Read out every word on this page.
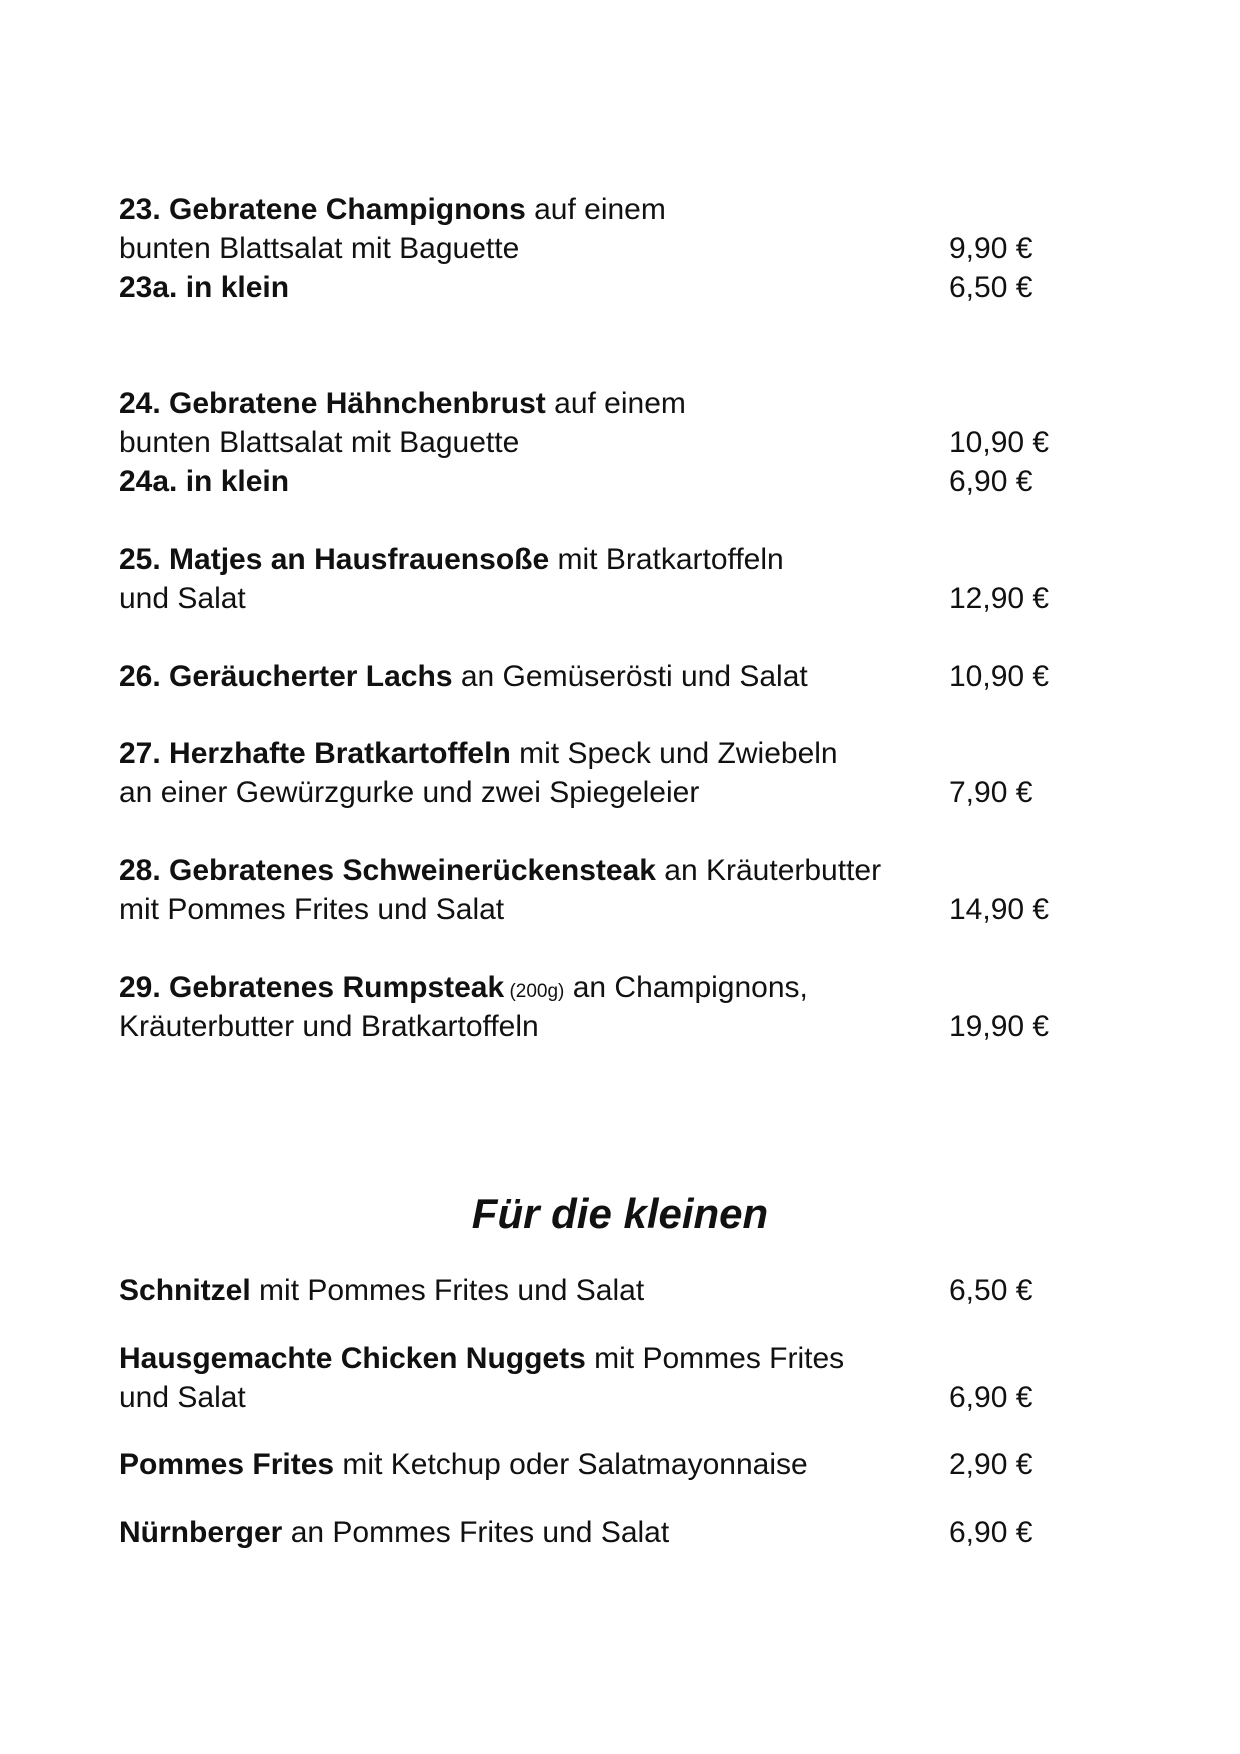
23. Gebratene Champignons auf einem
bunten Blattsalat mit Baguette	9,90 €
23a. in klein	6,50 €
24. Gebratene Hähnchenbrust auf einem
bunten Blattsalat mit Baguette	10,90 €
24a. in klein	6,90 €
25. Matjes an Hausfrauensoße mit Bratkartoffeln
und Salat	12,90 €
26. Geräucherter Lachs an Gemüserösti und Salat	10,90 €
27. Herzhafte Bratkartoffeln mit Speck und Zwiebeln
an einer Gewürzgurke und zwei Spiegeleier	7,90 €
28. Gebratenes Schweinerückensteak an Kräuterbutter
mit Pommes Frites und Salat	14,90 €
29. Gebratenes Rumpsteak (200g) an Champignons,
Kräuterbutter und Bratkartoffeln	19,90 €
Für die kleinen
Schnitzel mit Pommes Frites und Salat	6,50 €
Hausgemachte Chicken Nuggets mit Pommes Frites
und Salat	6,90 €
Pommes Frites mit Ketchup oder Salatmayonnaise	2,90 €
Nürnberger an Pommes Frites und Salat	6,90 €
